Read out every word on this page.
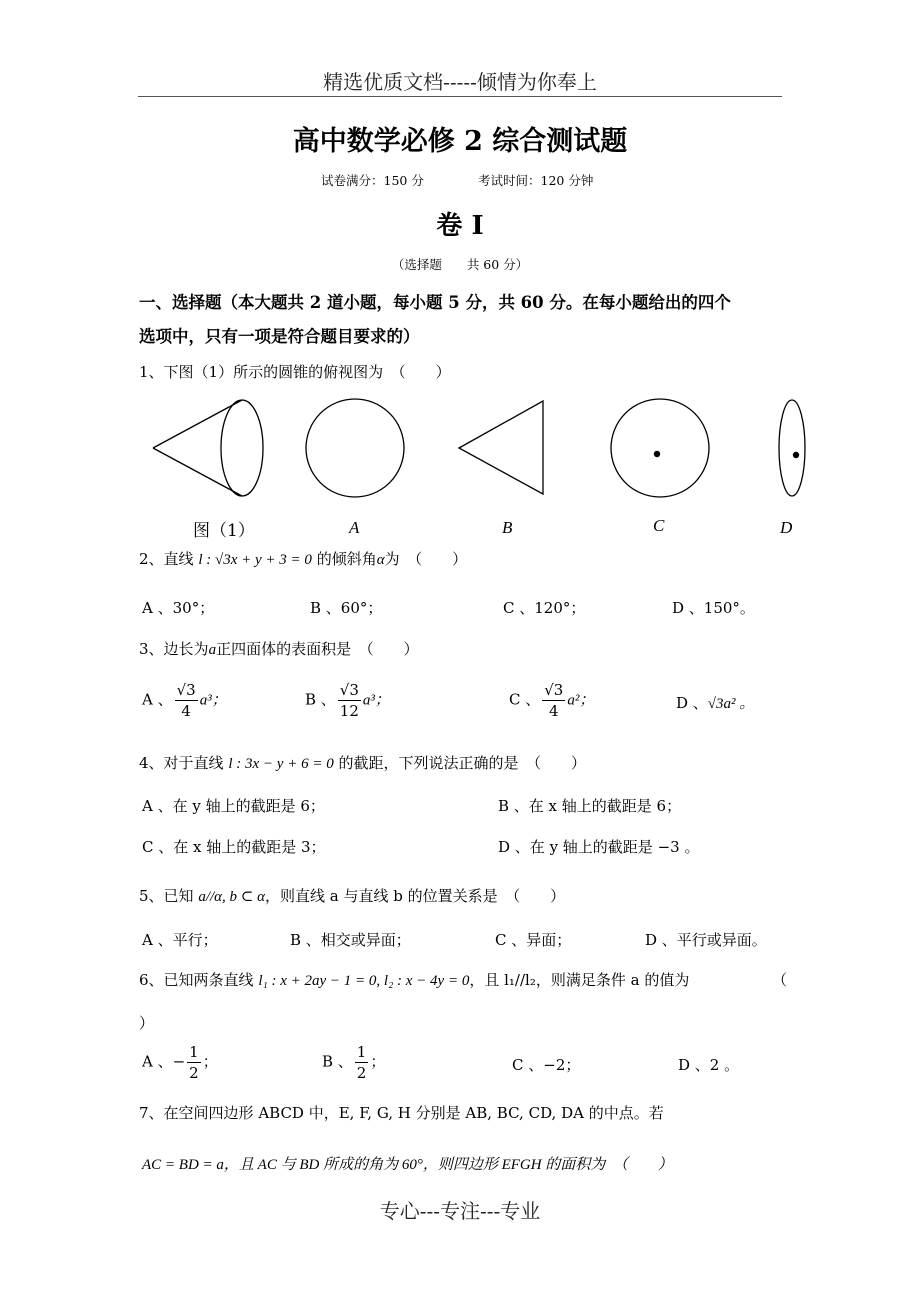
精选优质文档-----倾情为你奉上
高中数学必修 2 综合测试题
试卷满分：150 分	考试时间：120 分钟
卷 I
（选择题　　共 60 分）
一、选择题（本大题共 2 道小题，每小题 5 分，共 60 分。在每小题给出的四个
选项中，只有一项是符合题目要求的）
1、下图（1）所示的圆锥的俯视图为　（　　）
图（1）	A	B	C	D
2、直线 l : √3x + y + 3 = 0 的倾斜角α为　（　　）
A 、30°；	B 、60°；	C 、120°；	D 、150°。
3、边长为a正四面体的表面积是　（　　）
A 、 $\frac{√3}{4} a^3$；	B 、 $\frac{√3}{12} a^3$；	C 、 $\frac{√3}{4} a^2$；	D 、√3a² 。
4、对于直线 l : 3x − y + 6 = 0 的截距，下列说法正确的是　（　　）
A 、在 y 轴上的截距是 6；	B 、在 x 轴上的截距是 6；
C 、在 x 轴上的截距是 3；	D 、在 y 轴上的截距是 −3 。
5、已知 a//α, b ⊂ α，则直线 a 与直线 b 的位置关系是　（　　）
A 、平行；	B 、相交或异面；	C 、异面；	D 、平行或异面。
6、已知两条直线 l₁ : x + 2ay − 1 = 0, l₂ : x − 4y = 0，且 l₁//l₂，则满足条件 a 的值为	（
）
A 、− $\frac{1}{2}$ ；	B 、 $\frac{1}{2}$ ；	C 、−2；	D 、2 。
7、在空间四边形 ABCD 中，E, F, G, H 分别是 AB, BC, CD, DA 的中点。若
AC = BD = a，且 AC 与 BD 所成的角为 60°，则四边形 EFGH 的面积为　（　　）
专心---专注---专业
